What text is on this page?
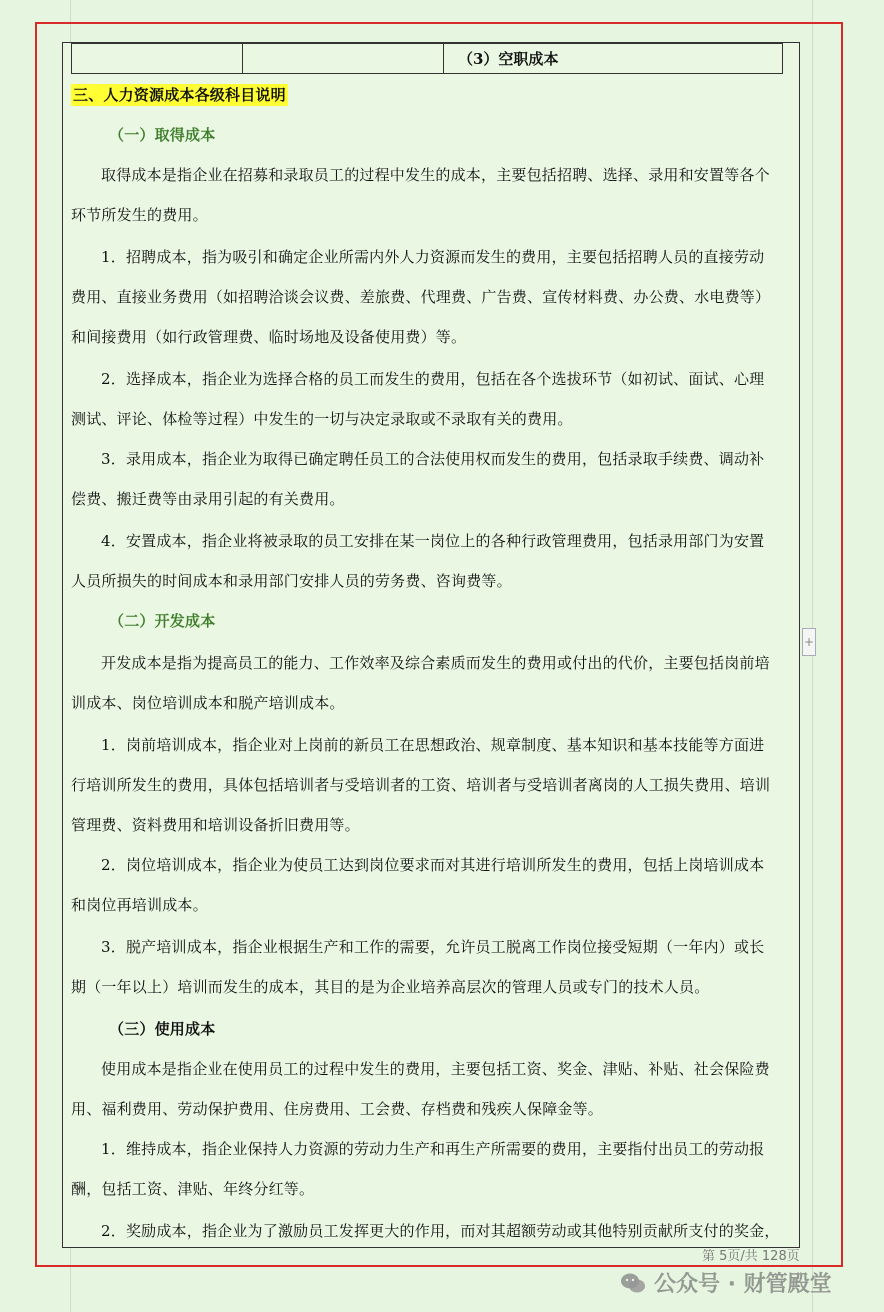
		（3）空职成本
三、人力资源成本各级科目说明
（一）取得成本
取得成本是指企业在招募和录取员工的过程中发生的成本，主要包括招聘、选择、录用和安置等各个
环节所发生的费用。
1．招聘成本，指为吸引和确定企业所需内外人力资源而发生的费用，主要包括招聘人员的直接劳动
费用、直接业务费用（如招聘洽谈会议费、差旅费、代理费、广告费、宣传材料费、办公费、水电费等）
和间接费用（如行政管理费、临时场地及设备使用费）等。
2．选择成本，指企业为选择合格的员工而发生的费用，包括在各个选拔环节（如初试、面试、心理
测试、评论、体检等过程）中发生的一切与决定录取或不录取有关的费用。
3．录用成本，指企业为取得已确定聘任员工的合法使用权而发生的费用，包括录取手续费、调动补
偿费、搬迁费等由录用引起的有关费用。
4．安置成本，指企业将被录取的员工安排在某一岗位上的各种行政管理费用，包括录用部门为安置
人员所损失的时间成本和录用部门安排人员的劳务费、咨询费等。
（二）开发成本
开发成本是指为提高员工的能力、工作效率及综合素质而发生的费用或付出的代价，主要包括岗前培
训成本、岗位培训成本和脱产培训成本。
1．岗前培训成本，指企业对上岗前的新员工在思想政治、规章制度、基本知识和基本技能等方面进
行培训所发生的费用，具体包括培训者与受培训者的工资、培训者与受培训者离岗的人工损失费用、培训
管理费、资料费用和培训设备折旧费用等。
2．岗位培训成本，指企业为使员工达到岗位要求而对其进行培训所发生的费用，包括上岗培训成本
和岗位再培训成本。
3．脱产培训成本，指企业根据生产和工作的需要，允许员工脱离工作岗位接受短期（一年内）或长
期（一年以上）培训而发生的成本，其目的是为企业培养高层次的管理人员或专门的技术人员。
（三）使用成本
使用成本是指企业在使用员工的过程中发生的费用，主要包括工资、奖金、津贴、补贴、社会保险费
用、福利费用、劳动保护费用、住房费用、工会费、存档费和残疾人保障金等。
1．维持成本，指企业保持人力资源的劳动力生产和再生产所需要的费用，主要指付出员工的劳动报
酬，包括工资、津贴、年终分红等。
2．奖励成本，指企业为了激励员工发挥更大的作用，而对其超额劳动或其他特别贡献所支付的奖金，
+
第 5页/共 128页
公众号 · 财管殿堂
